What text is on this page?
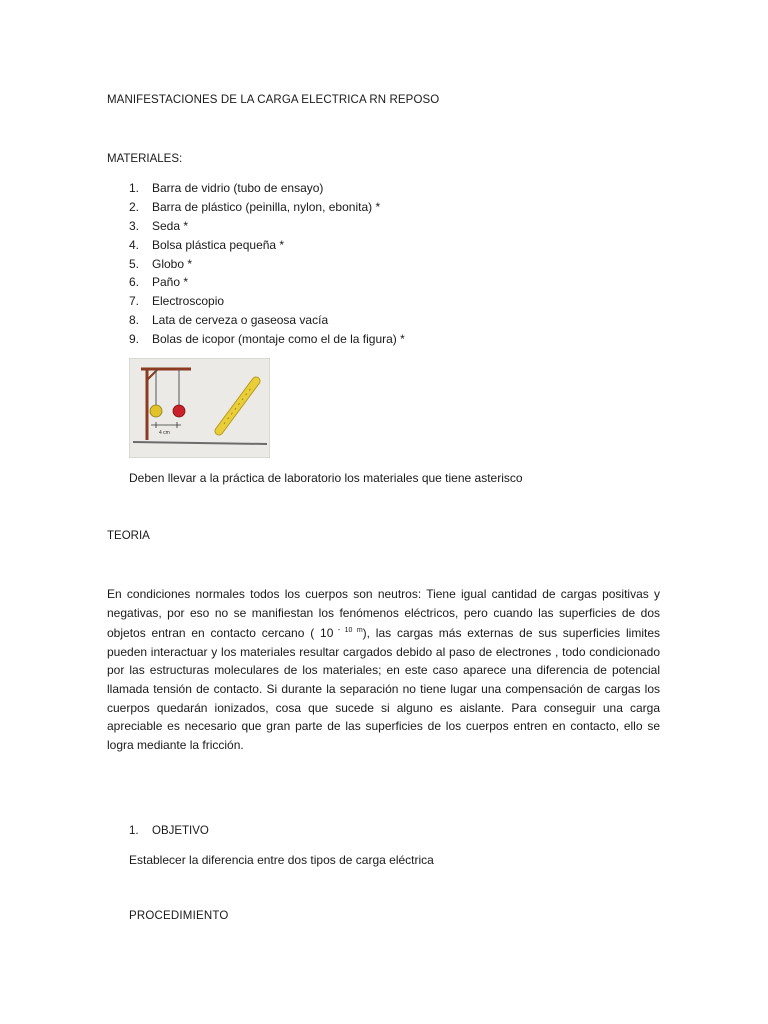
MANIFESTACIONES DE LA CARGA ELECTRICA RN REPOSO
MATERIALES:
1. Barra de vidrio (tubo de ensayo)
2. Barra de plástico (peinilla, nylon, ebonita) *
3. Seda *
4. Bolsa plástica pequeña *
5. Globo *
6. Paño *
7. Electroscopio
8. Lata de cerveza o gaseosa vacía
9. Bolas de icopor (montaje como el de la figura) *
4 cm
Deben llevar a la práctica de laboratorio los materiales que tiene asterisco
TEORIA

En condiciones normales todos los cuerpos son neutros: Tiene igual cantidad de cargas positivas y negativas, por eso no se manifiestan los fenómenos eléctricos, pero cuando las superficies de dos objetos entran en contacto cercano ( 10 $^{- 10 m}$), las cargas más externas de sus superficies limites pueden interactuar y los materiales resultar cargados debido al paso de electrones , todo condicionado por las estructuras moleculares de los materiales; en este caso aparece una diferencia de potencial llamada tensión de contacto. Si durante la separación no tiene lugar una compensación de cargas los cuerpos quedarán ionizados, cosa que sucede si alguno es aislante. Para conseguir una carga apreciable es necesario que gran parte de las superficies de los cuerpos entren en contacto, ello se logra mediante la fricción.

1. OBJETIVO
Establecer la diferencia entre dos tipos de carga eléctrica
PROCEDIMIENTO
